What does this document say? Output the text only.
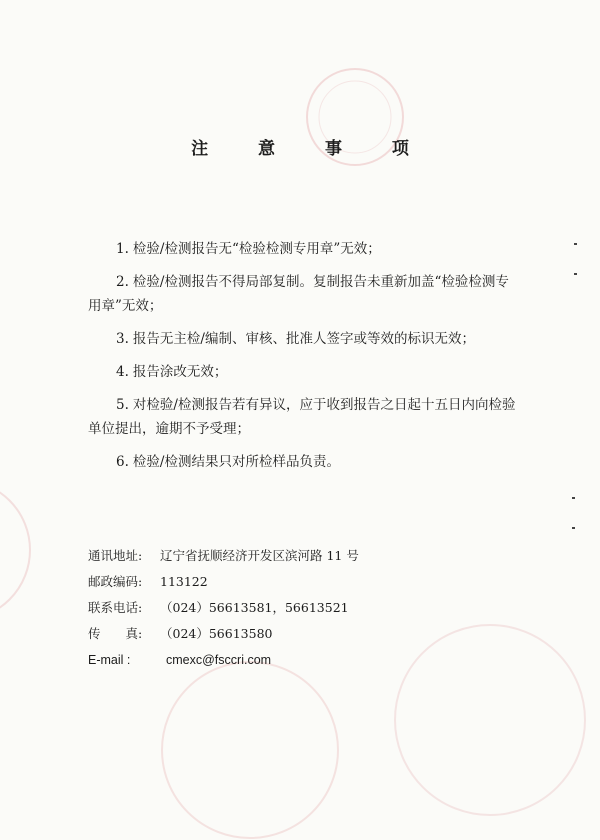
注 意 事 项
1. 检验/检测报告无“检验检测专用章”无效；
2. 检验/检测报告不得局部复制。复制报告未重新加盖“检验检测专用章”无效；
3. 报告无主检/编制、审核、批准人签字或等效的标识无效；
4. 报告涂改无效；
5. 对检验/检测报告若有异议，应于收到报告之日起十五日内向检验单位提出，逾期不予受理；
6. 检验/检测结果只对所检样品负责。
通讯地址: 辽宁省抚顺经济开发区滨河路 11 号
邮政编码: 113122
联系电话: （024）56613581，56613521
传　　真: （024）56613580
E-mail :	cmexc@fsccri.com
